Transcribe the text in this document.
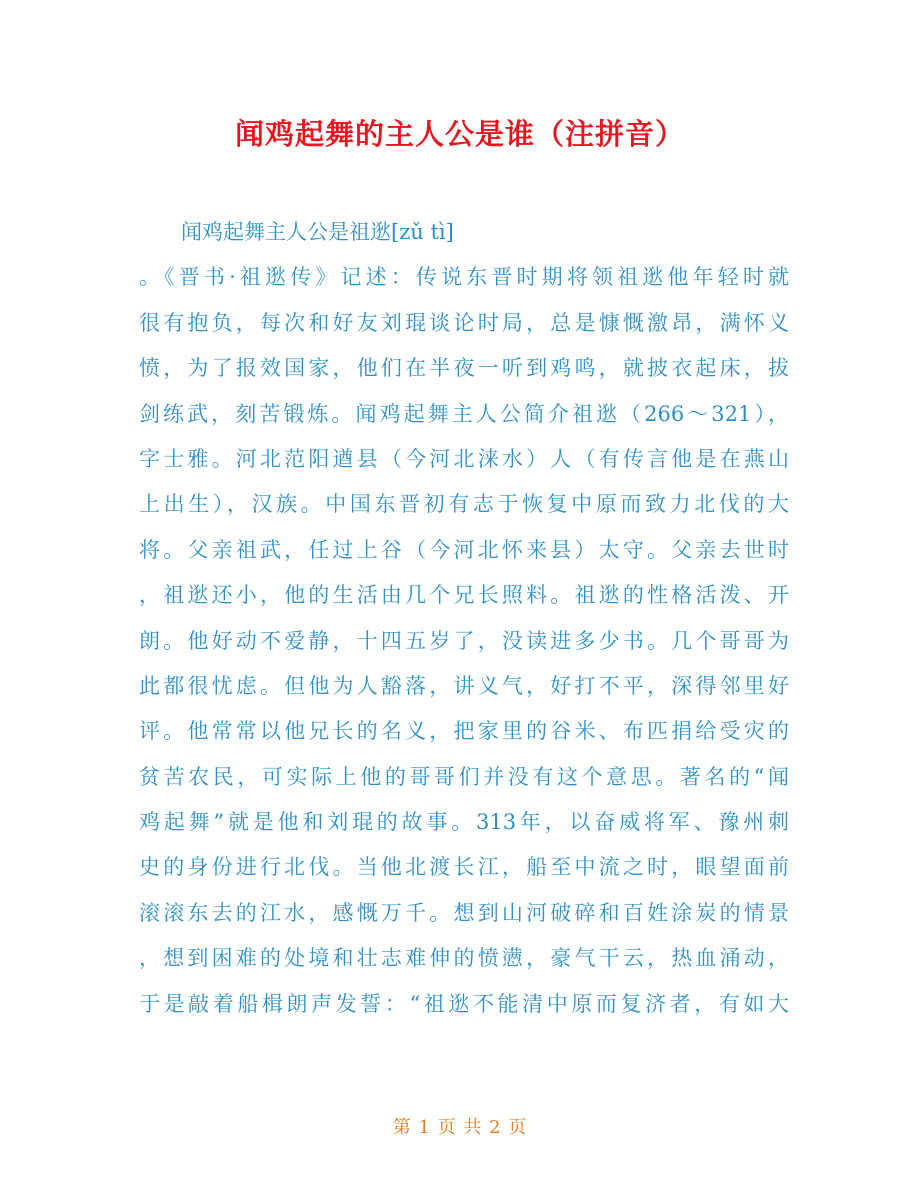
闻鸡起舞的主人公是谁（注拼音）
闻鸡起舞主人公是祖逖[zǔ tì]
。《晋书·祖逖传》记述：传说东晋时期将领祖逖他年轻时就
很有抱负，每次和好友刘琨谈论时局，总是慷慨激昂，满怀义
愤，为了报效国家，他们在半夜一听到鸡鸣，就披衣起床，拔
剑练武，刻苦锻炼。闻鸡起舞主人公简介祖逖（266～321），
字士雅。河北范阳遒县（今河北涞水）人（有传言他是在燕山
上出生），汉族。中国东晋初有志于恢复中原而致力北伐的大
将。父亲祖武，任过上谷（今河北怀来县）太守。父亲去世时
，祖逖还小，他的生活由几个兄长照料。祖逖的性格活泼、开
朗。他好动不爱静，十四五岁了，没读进多少书。几个哥哥为
此都很忧虑。但他为人豁落，讲义气，好打不平，深得邻里好
评。他常常以他兄长的名义，把家里的谷米、布匹捐给受灾的
贫苦农民，可实际上他的哥哥们并没有这个意思。著名的“闻
鸡起舞”就是他和刘琨的故事。313年，以奋威将军、豫州刺
史的身份进行北伐。当他北渡长江，船至中流之时，眼望面前
滚滚东去的江水，感慨万千。想到山河破碎和百姓涂炭的情景
，想到困难的处境和壮志难伸的愤懑，豪气干云，热血涌动，
于是敲着船楫朗声发誓：“祖逖不能清中原而复济者，有如大
第 1 页 共 2 页
